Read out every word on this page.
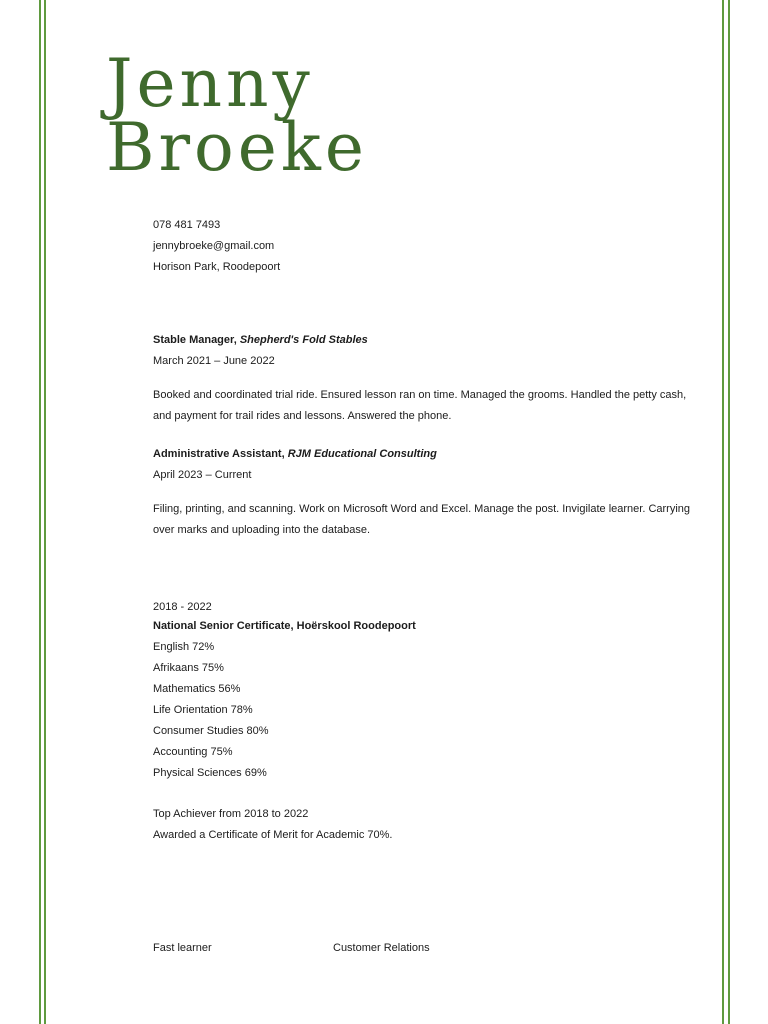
Jenny
Broeke
078 481 7493
jennybroeke@gmail.com
Horison Park, Roodepoort
Stable Manager, Shepherd's Fold Stables
March 2021 – June 2022
Booked and coordinated trial ride. Ensured lesson ran on time. Managed the grooms. Handled the petty cash, and payment for trail rides and lessons. Answered the phone.
Administrative Assistant, RJM Educational Consulting
April 2023 – Current
Filing, printing, and scanning. Work on Microsoft Word and Excel. Manage the post. Invigilate learner. Carrying over marks and uploading into the database.
2018 - 2022
National Senior Certificate, Hoërskool Roodepoort
English 72%
Afrikaans 75%
Mathematics 56%
Life Orientation 78%
Consumer Studies 80%
Accounting 75%
Physical Sciences 69%
Top Achiever from 2018 to 2022
Awarded a Certificate of Merit for Academic 70%.
Fast learner	Customer Relations
